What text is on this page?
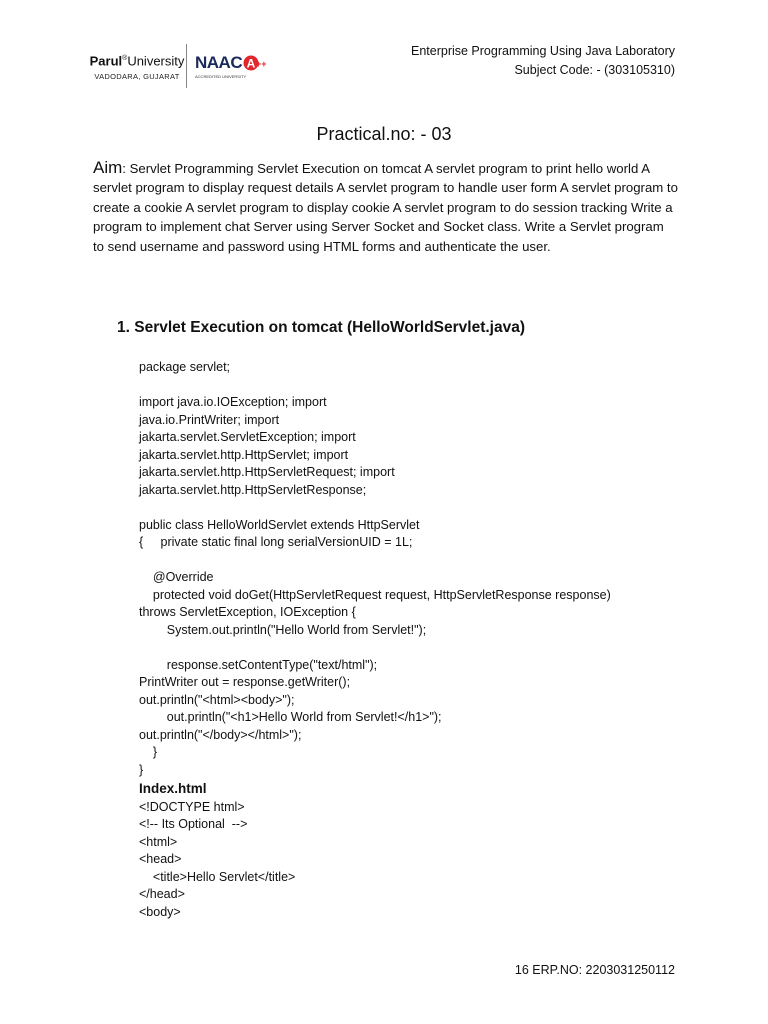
Parul®University
VADODARA, GUJARAT
NAAC A ++
ACCREDITED UNIVERSITY
Enterprise Programming Using Java Laboratory
Subject Code: - (303105310)
Practical.no: - 03
Aim: Servlet Programming Servlet Execution on tomcat A servlet program to print hello world A servlet program to display request details A servlet program to handle user form A servlet program to create a cookie A servlet program to display cookie A servlet program to do session tracking Write a program to implement chat Server using Server Socket and Socket class. Write a Servlet program to send username and password using HTML forms and authenticate the user.
1. Servlet Execution on tomcat (HelloWorldServlet.java)
package servlet;
import java.io.IOException; import
java.io.PrintWriter; import
jakarta.servlet.ServletException; import
jakarta.servlet.http.HttpServlet; import
jakarta.servlet.http.HttpServletRequest; import
jakarta.servlet.http.HttpServletResponse;
public class HelloWorldServlet extends HttpServlet
{     private static final long serialVersionUID = 1L;
@Override
protected void doGet(HttpServletRequest request, HttpServletResponse response)
throws ServletException, IOException {
System.out.println("Hello World from Servlet!");
response.setContentType("text/html");
PrintWriter out = response.getWriter();
out.println("<html><body>");
out.println("<h1>Hello World from Servlet!</h1>");
out.println("</body></html>");
}
}
Index.html
<!DOCTYPE html>
<!-- Its Optional  -->
<html>
<head>
<title>Hello Servlet</title>
</head>
<body>
16 ERP.NO: 2203031250112
